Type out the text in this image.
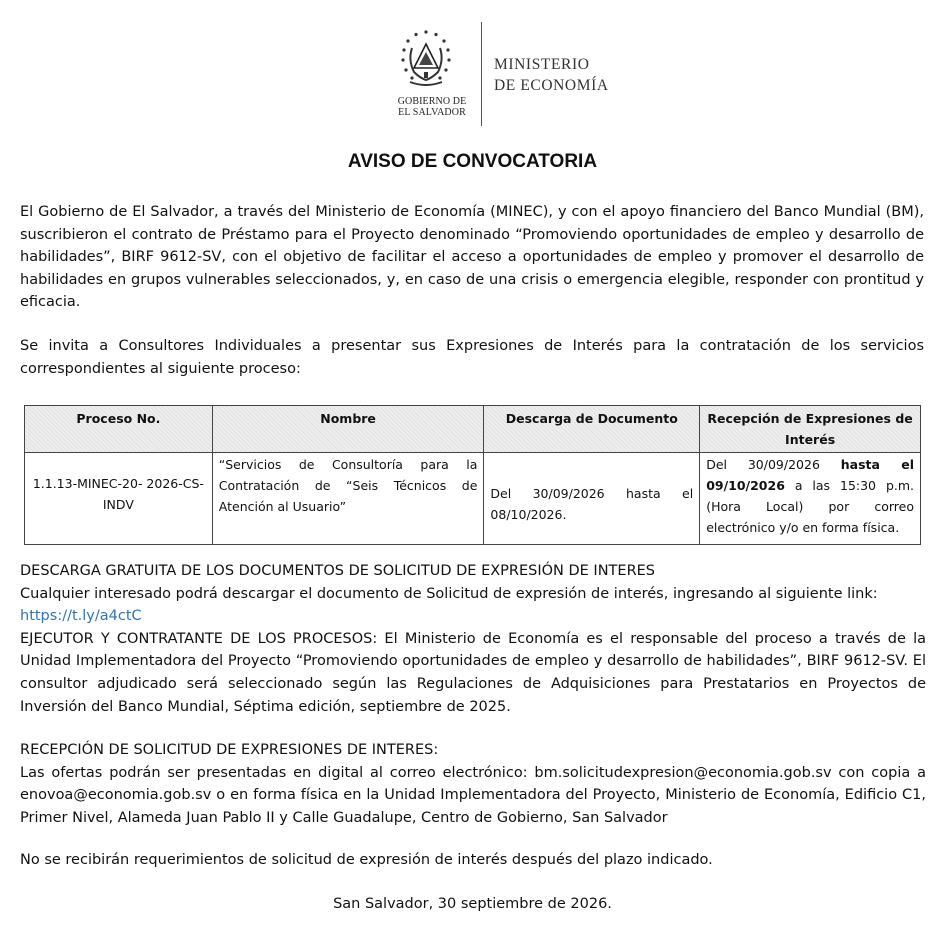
GOBIERNO DE
EL SALVADOR
MINISTERIO
DE ECONOMÍA
AVISO DE CONVOCATORIA
El Gobierno de El Salvador, a través del Ministerio de Economía (MINEC), y con el apoyo financiero del Banco Mundial (BM), suscribieron el contrato de Préstamo para el Proyecto denominado “Promoviendo oportunidades de empleo y desarrollo de habilidades”, BIRF 9612-SV, con el objetivo de facilitar el acceso a oportunidades de empleo y promover el desarrollo de habilidades en grupos vulnerables seleccionados, y, en caso de una crisis o emergencia elegible, responder con prontitud y eficacia.
Se invita a Consultores Individuales a presentar sus Expresiones de Interés para la contratación de los servicios correspondientes al siguiente proceso:
Proceso No.	Nombre	Descarga de Documento	Recepción de Expresiones de Interés
1.1.13-MINEC-20- 2026-CS-INDV	“Servicios de Consultoría para la Contratación de “Seis Técnicos de Atención al Usuario”	Del 30/09/2026 hasta el 08/10/2026.	Del 30/09/2026 hasta el 09/10/2026 a las 15:30 p.m. (Hora Local) por correo electrónico y/o en forma física.
DESCARGA GRATUITA DE LOS DOCUMENTOS DE SOLICITUD DE EXPRESIÓN DE INTERES
Cualquier interesado podrá descargar el documento de Solicitud de expresión de interés, ingresando al siguiente link:
https://t.ly/a4ctC
EJECUTOR Y CONTRATANTE DE LOS PROCESOS: El Ministerio de Economía es el responsable del proceso a través de la Unidad Implementadora del Proyecto “Promoviendo oportunidades de empleo y desarrollo de habilidades”, BIRF 9612-SV. El consultor adjudicado será seleccionado según las Regulaciones de Adquisiciones para Prestatarios en Proyectos de Inversión del Banco Mundial, Séptima edición, septiembre de 2025.
RECEPCIÓN DE SOLICITUD DE EXPRESIONES DE INTERES:
Las ofertas podrán ser presentadas en digital al correo electrónico: bm.solicitudexpresion@economia.gob.sv con copia a enovoa@economia.gob.sv o en forma física en la Unidad Implementadora del Proyecto, Ministerio de Economía, Edificio C1, Primer Nivel, Alameda Juan Pablo II y Calle Guadalupe, Centro de Gobierno, San Salvador
No se recibirán requerimientos de solicitud de expresión de interés después del plazo indicado.
San Salvador, 30 septiembre de 2026.
